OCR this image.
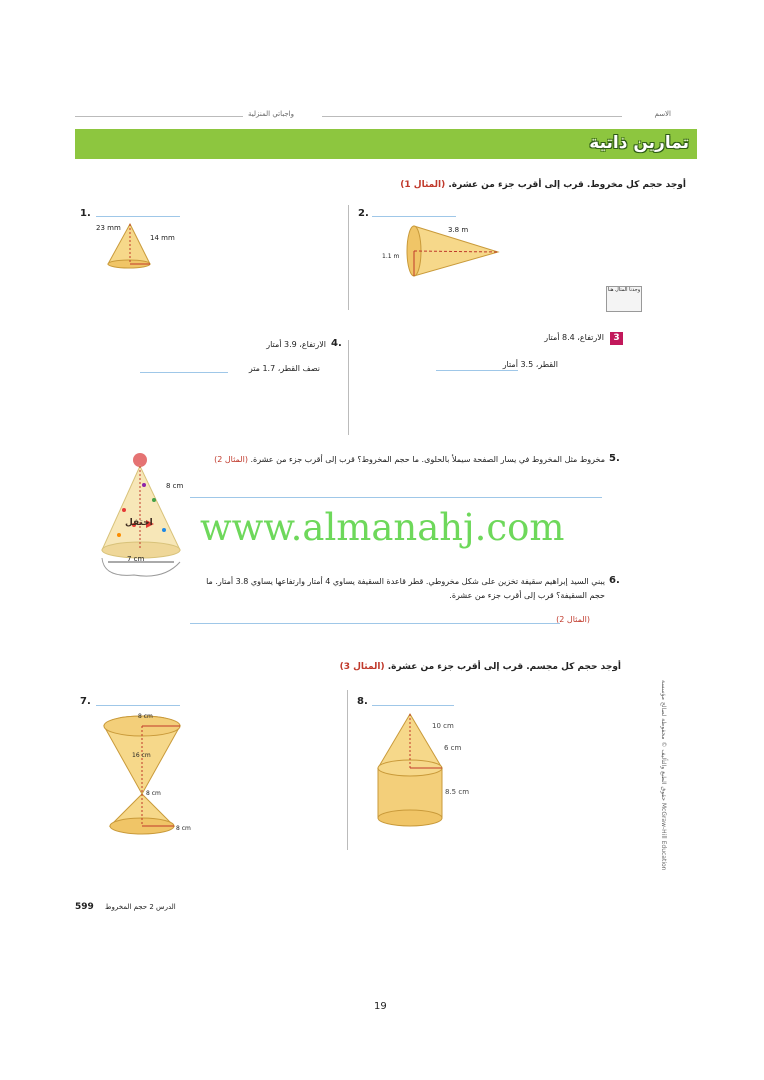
الاسم
واجباتي المنزلية
تمارين ذاتية
أوجد حجم كل مخروط. قرب إلى أقرب جزء من عشرة. (المثال 1)
1.
23 mm
14 mm
2.
3.8 m
1.1 m
وجدنا المثال هنا
3
الارتفاع، 8.4 أمتار
القطر، 3.5 أمتار
4.
الارتفاع، 3.9 أمتار
نصف القطر، 1.7 متر
8 cm
7 cm
احتفل
5.
مخروط مثل المخروط في يسار الصفحة سيملأ بالحلوى. ما حجم المخروط؟ قرب إلى أقرب جزء من عشرة. (المثال 2)
www.almanahj.com
6.
يبني السيد إبراهيم سقيفة تخزين على شكل مخروطي. قطر قاعدة السقيفة يساوي 4 أمتار وارتفاعها يساوي 3.8 أمتار. ما حجم السقيفة؟ قرب إلى أقرب جزء من عشرة.
(المثال 2)
أوجد حجم كل مجسم. قرب إلى أقرب جزء من عشرة. (المثال 3)
7.
8 cm
16 cm
8 cm
8 cm
8.
10 cm
6 cm
8.5 cm	حقوق الطبع والتأليف © محفوظة لصالح مؤسسة McGraw-Hill Education
599 الدرس 2 حجم المخروط
19
